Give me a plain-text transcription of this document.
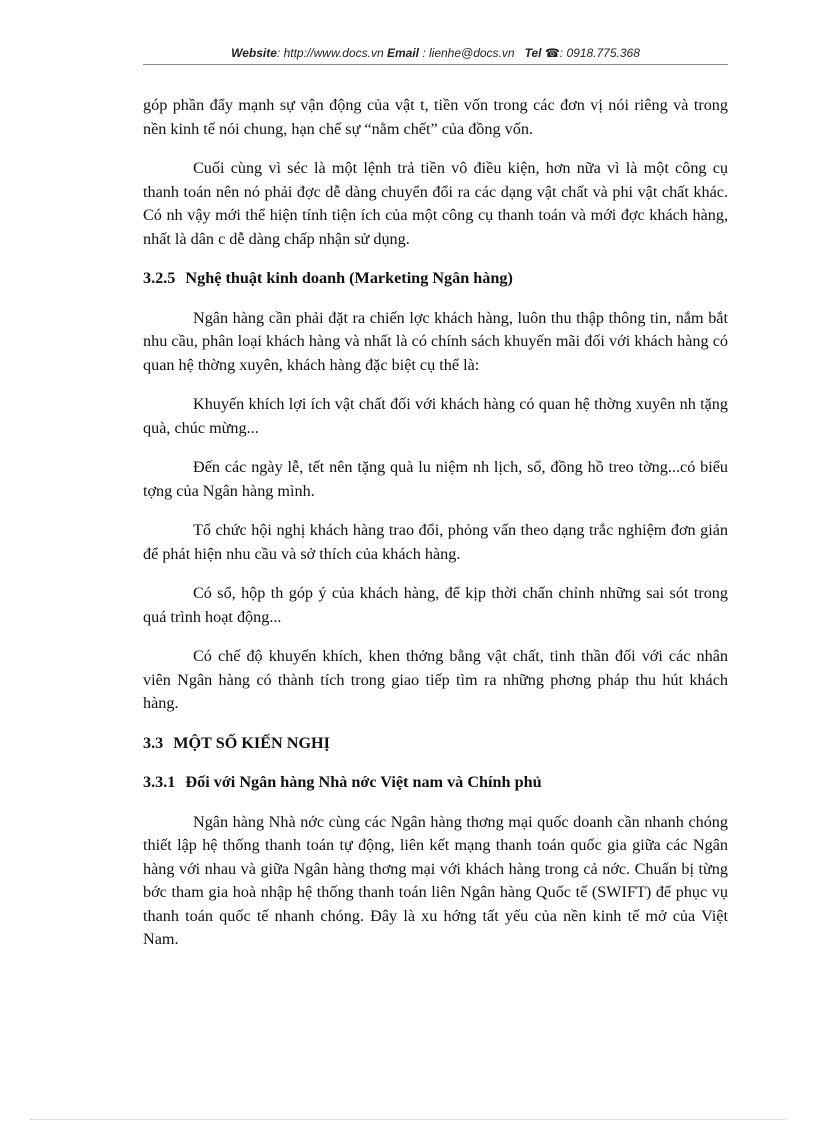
Website: http://www.docs.vn Email : lienhe@docs.vn Tel ☎: 0918.775.368

góp phần đẩy mạnh sự vận động của vật t, tiền vốn trong các đơn vị nói riêng và trong nền kinh tế nói chung, hạn chế sự “nằm chết” của đồng vốn.

Cuối cùng vì séc là một lệnh trả tiền vô điều kiện, hơn nữa vì là một công cụ thanh toán nên nó phải đợc dễ dàng chuyển đổi ra các dạng vật chất và phi vật chất khác. Có nh vậy mới thể hiện tính tiện ích của một công cụ thanh toán và mới đợc khách hàng, nhất là dân c dễ dàng chấp nhận sử dụng.

3.2.5 Nghệ thuật kinh doanh (Marketing Ngân hàng)

Ngân hàng cần phải đặt ra chiến lợc khách hàng, luôn thu thập thông tin, nắm bắt nhu cầu, phân loại khách hàng và nhất là có chính sách khuyến mãi đối với khách hàng có quan hệ thờng xuyên, khách hàng đặc biệt cụ thể là:

Khuyến khích lợi ích vật chất đối với khách hàng có quan hệ thờng xuyên nh tặng quà, chúc mừng...

Đến các ngày lễ, tết nên tặng quà lu niệm nh lịch, sổ, đồng hồ treo tờng...có biểu tợng của Ngân hàng mình.

Tổ chức hội nghị khách hàng trao đổi, phỏng vấn theo dạng trắc nghiệm đơn giản để phát hiện nhu cầu và sở thích của khách hàng.

Có sổ, hộp th góp ý của khách hàng, để kịp thời chấn chỉnh những sai sót trong quá trình hoạt động...

Có chế độ khuyến khích, khen thởng bằng vật chất, tinh thần đối với các nhân viên Ngân hàng có thành tích trong giao tiếp tìm ra những phơng pháp thu hút khách hàng.

3.3 MỘT SỐ KIẾN NGHỊ
3.3.1 Đối với Ngân hàng Nhà nớc Việt nam và Chính phủ

Ngân hàng Nhà nớc cùng các Ngân hàng thơng mại quốc doanh cần nhanh chóng thiết lập hệ thống thanh toán tự động, liên kết mạng thanh toán quốc gia giữa các Ngân hàng với nhau và giữa Ngân hàng thơng mại với khách hàng trong cả nớc. Chuẩn bị từng bớc tham gia hoà nhập hệ thống thanh toán liên Ngân hàng Quốc tế (SWIFT) để phục vụ thanh toán quốc tế nhanh chóng. Đây là xu hớng tất yếu của nền kinh tế mở của Việt Nam.
